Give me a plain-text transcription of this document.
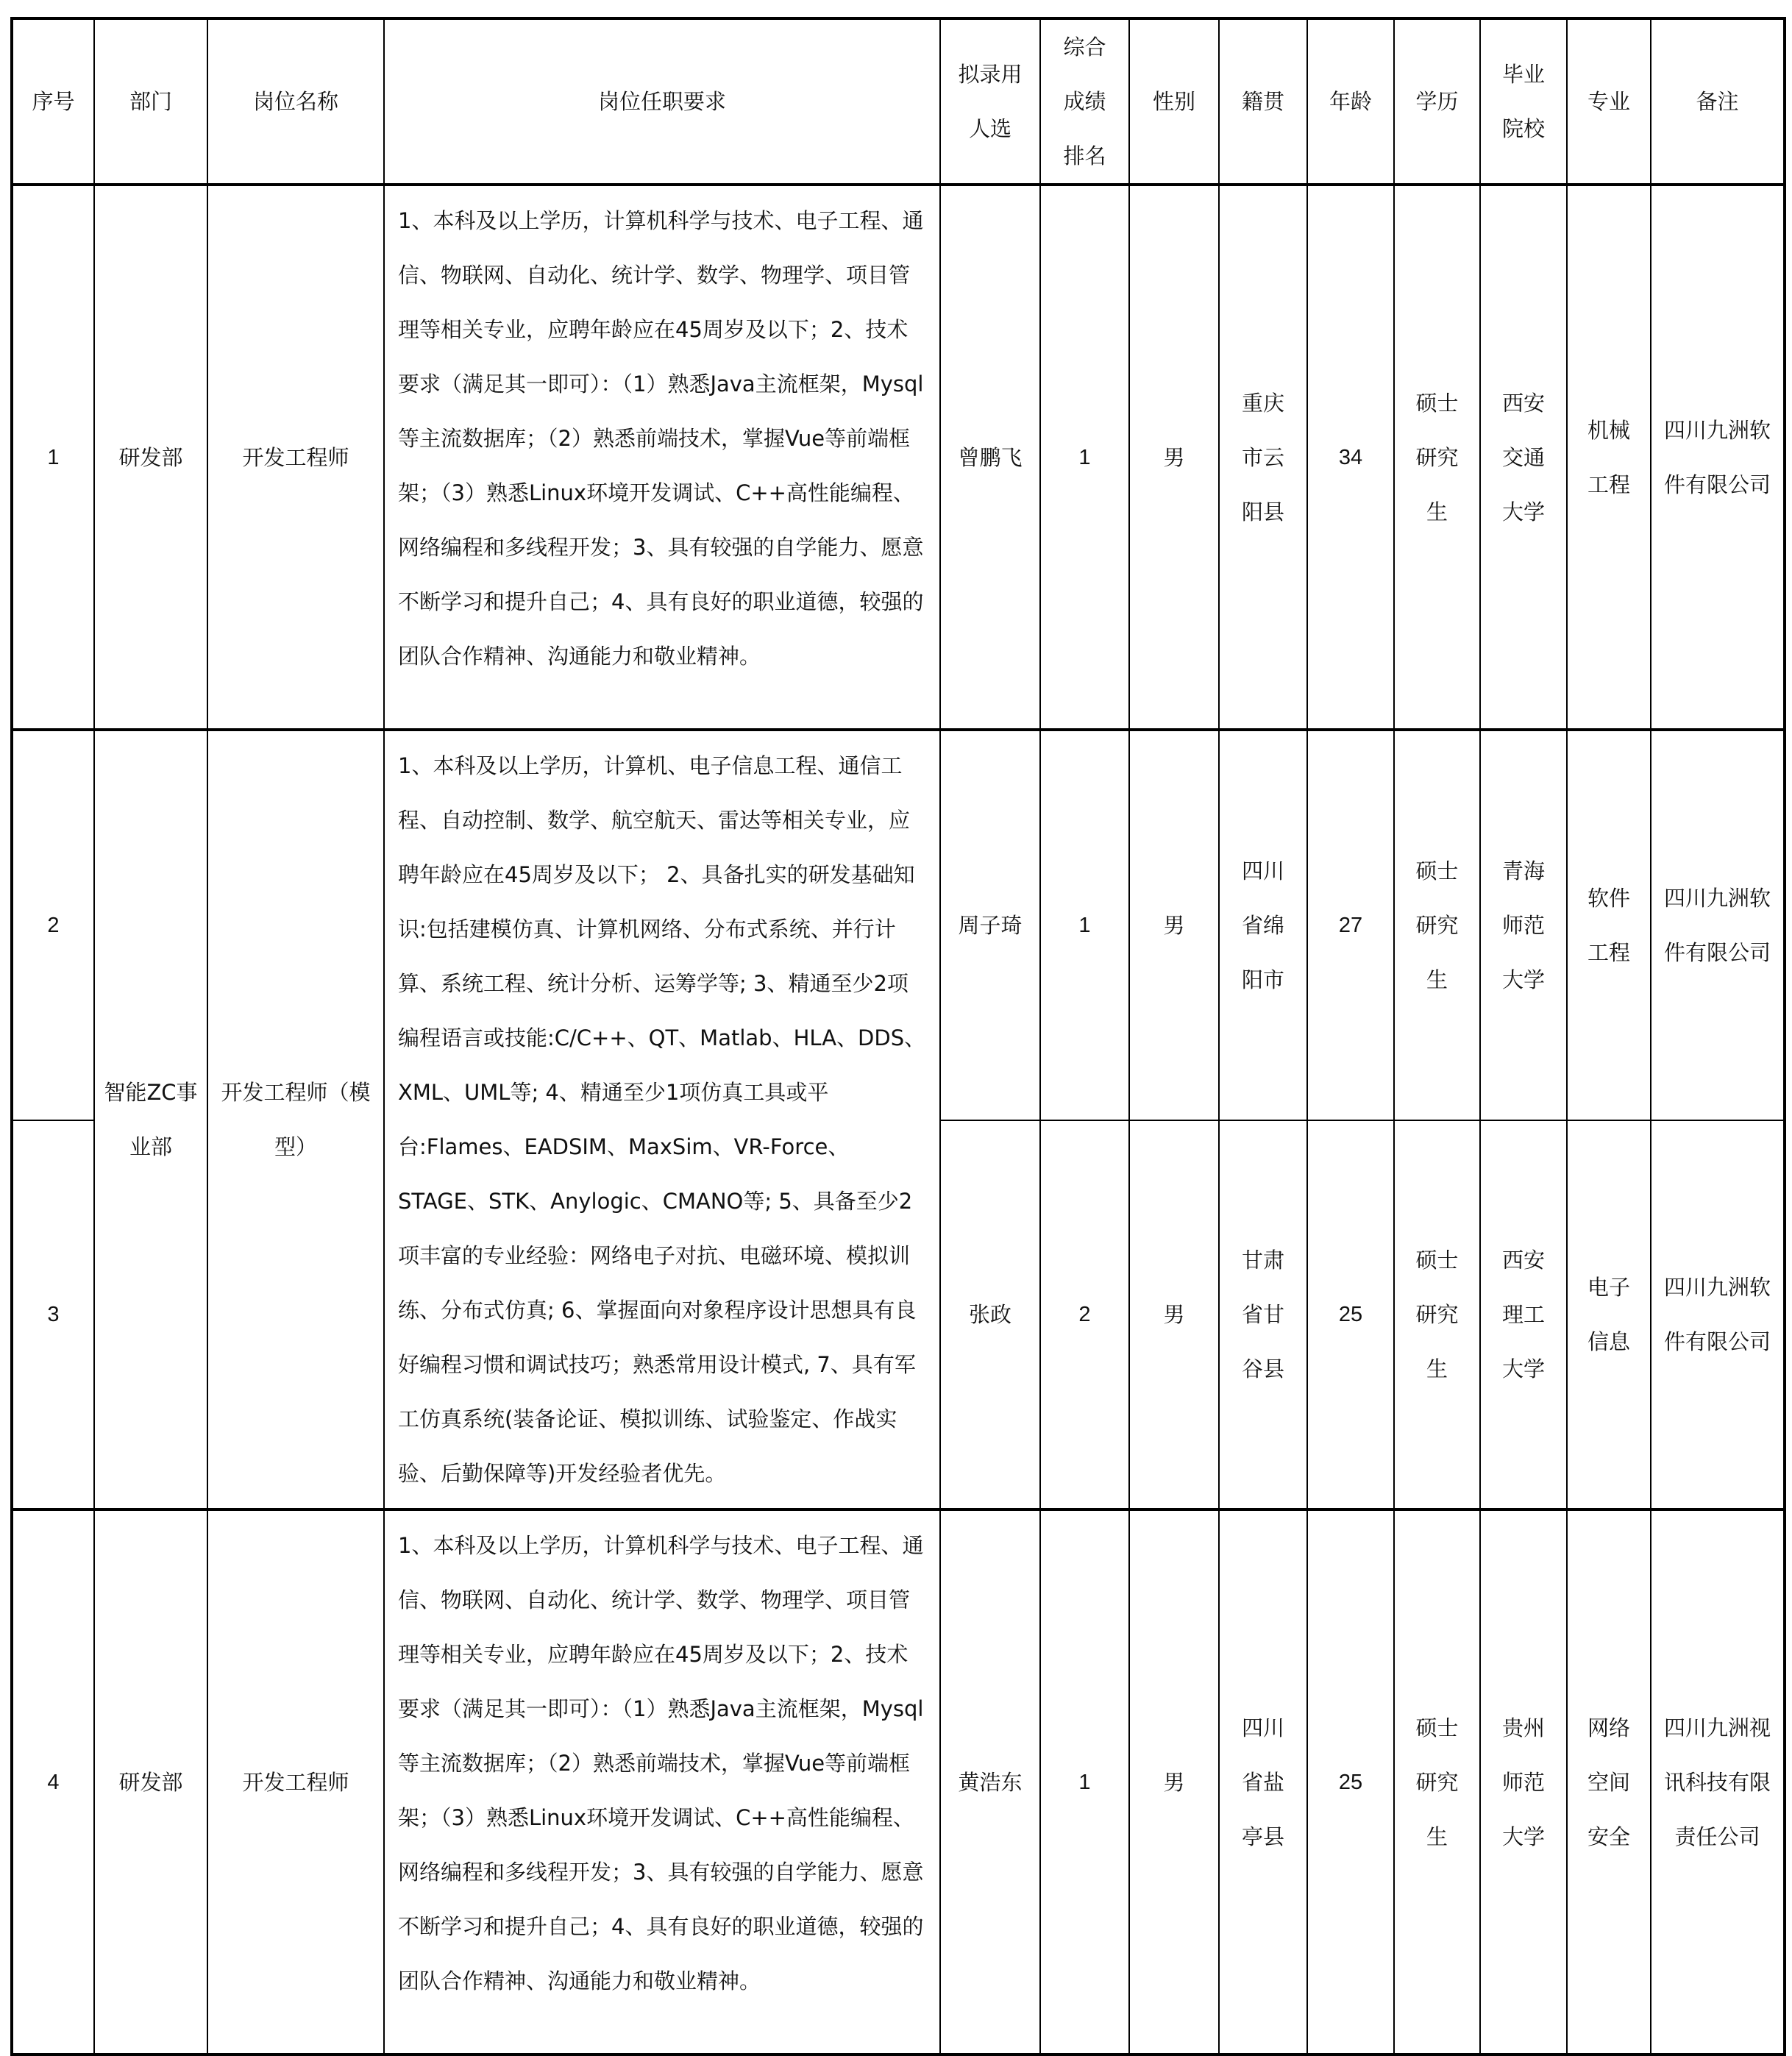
序号	部门	岗位名称	岗位任职要求	拟录用人选	综合成绩排名	性别	籍贯	年龄	学历	毕业院校	专业	备注
1	研发部	开发工程师	1、本科及以上学历，计算机科学与技术、电子工程、通信、物联网、自动化、统计学、数学、物理学、项目管理等相关专业，应聘年龄应在45周岁及以下；2、技术要求（满足其一即可）：（1）熟悉Java主流框架，Mysql等主流数据库；（2）熟悉前端技术，掌握Vue等前端框架；（3）熟悉Linux环境开发调试、C++高性能编程、网络编程和多线程开发；3、具有较强的自学能力、愿意不断学习和提升自己；4、具有良好的职业道德，较强的团队合作精神、沟通能力和敬业精神。	曾鹏飞	1	男	重庆市云阳县	34	硕士研究生	西安交通大学	机械工程	四川九洲软件有限公司
2	智能ZC事业部	开发工程师（模型）	1、本科及以上学历，计算机、电子信息工程、通信工程、自动控制、数学、航空航天、雷达等相关专业，应聘年龄应在45周岁及以下； 2、具备扎实的研发基础知识:包括建模仿真、计算机网络、分布式系统、并行计算、系统工程、统计分析、运筹学等; 3、精通至少2项编程语言或技能:C/C++、QT、Matlab、HLA、DDS、XML、UML等; 4、精通至少1项仿真工具或平台:Flames、EADSIM、MaxSim、VR-Force、STAGE、STK、Anylogic、CMANO等; 5、具备至少2项丰富的专业经验：网络电子对抗、电磁环境、模拟训练、分布式仿真; 6、掌握面向对象程序设计思想具有良好编程习惯和调试技巧；熟悉常用设计模式, 7、具有军工仿真系统(装备论证、模拟训练、试验鉴定、作战实验、后勤保障等)开发经验者优先。	周子琦	1	男	四川省绵阳市	27	硕士研究生	青海师范大学	软件工程	四川九洲软件有限公司
3				张政	2	男	甘肃省甘谷县	25	硕士研究生	西安理工大学	电子信息	四川九洲软件有限公司
4	研发部	开发工程师	1、本科及以上学历，计算机科学与技术、电子工程、通信、物联网、自动化、统计学、数学、物理学、项目管理等相关专业，应聘年龄应在45周岁及以下；2、技术要求（满足其一即可）：（1）熟悉Java主流框架，Mysql等主流数据库；（2）熟悉前端技术，掌握Vue等前端框架；（3）熟悉Linux环境开发调试、C++高性能编程、网络编程和多线程开发；3、具有较强的自学能力、愿意不断学习和提升自己；4、具有良好的职业道德，较强的团队合作精神、沟通能力和敬业精神。	黄浩东	1	男	四川省盐亭县	25	硕士研究生	贵州师范大学	网络空间安全	四川九洲视讯科技有限责任公司
